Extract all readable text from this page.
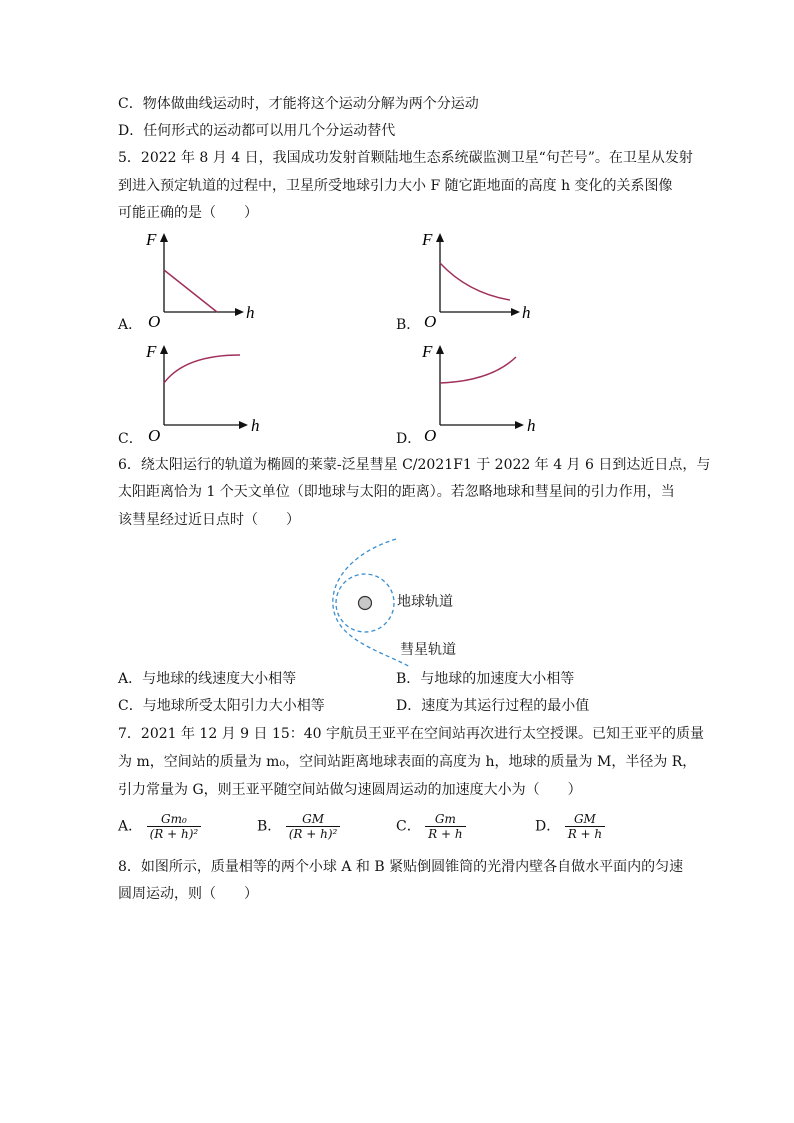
C．物体做曲线运动时，才能将这个运动分解为两个分运动
D．任何形式的运动都可以用几个分运动替代
5．2022 年 8 月 4 日，我国成功发射首颗陆地生态系统碳监测卫星“句芒号”。在卫星从发射
到进入预定轨道的过程中，卫星所受地球引力大小 F 随它距地面的高度 h 变化的关系图像
可能正确的是（　　）
A．
F
O	h
B．
F
O	h
C．
F
O
h
D．
F
O
h
6．绕太阳运行的轨道为椭圆的莱蒙-泛星彗星 C/2021F1 于 2022 年 4 月 6 日到达近日点，与
太阳距离恰为 1 个天文单位（即地球与太阳的距离）。若忽略地球和彗星间的引力作用，当
该彗星经过近日点时（　　）
地球轨道
彗星轨道
A．与地球的线速度大小相等	B．与地球的加速度大小相等
C．与地球所受太阳引力大小相等	D．速度为其运行过程的最小值
7．2021 年 12 月 9 日 15：40 宇航员王亚平在空间站再次进行太空授课。已知王亚平的质量
为 m，空间站的质量为 m₀，空间站距离地球表面的高度为 h，地球的质量为 M，半径为 R，
引力常量为 G，则王亚平随空间站做匀速圆周运动的加速度大小为（　　）
A． $\frac{\text{Gm₀}}{\text{(R + h)²}}$	B． $\frac{GM}{\text{(R + h)²}}$	C． $\frac{Gm}{R + h}$	D． $\frac{GM}{R + h}$
8．如图所示，质量相等的两个小球 A 和 B 紧贴倒圆锥筒的光滑内壁各自做水平面内的匀速
圆周运动，则（　　）
